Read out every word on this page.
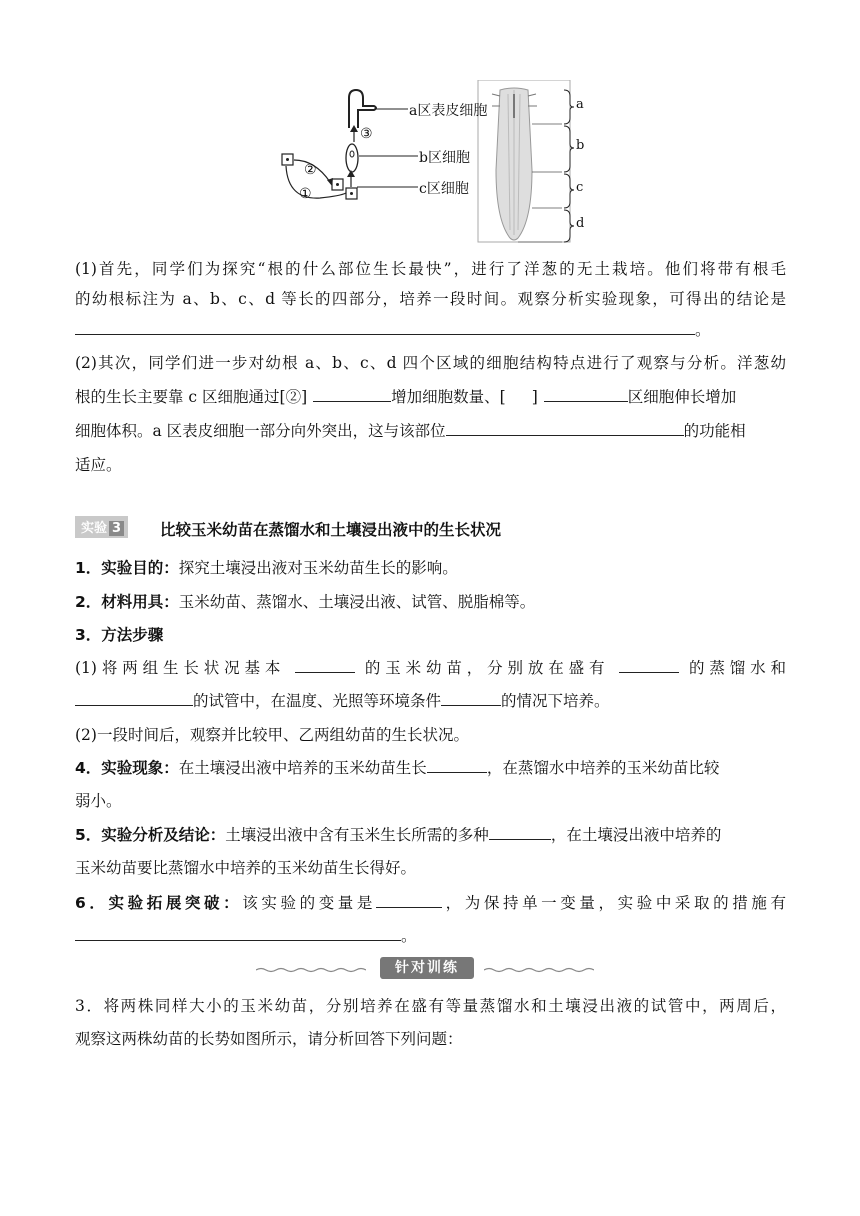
a区表皮细胞
b区细胞
c区细胞
a
b
c
d
①
②
③
(1)首先，同学们为探究“根的什么部位生长最快”，进行了洋葱的无土栽培。他们将带有根毛
的幼根标注为 a、b、c、d 等长的四部分，培养一段时间。观察分析实验现象，可得出的结论是
。
(2)其次，同学们进一步对幼根 a、b、c、d 四个区域的细胞结构特点进行了观察与分析。洋葱幼
根的生长主要靠 c 区细胞通过[②]	增加细胞数量、[ ]	区细胞伸长增加
细胞体积。a 区表皮细胞一部分向外突出，这与该部位	的功能相
适应。
实验 3	比较玉米幼苗在蒸馏水和土壤浸出液中的生长状况
1．实验目的：探究土壤浸出液对玉米幼苗生长的影响。
2．材料用具：玉米幼苗、蒸馏水、土壤浸出液、试管、脱脂棉等。
3．方法步骤
(1)将两组生长状况基本	的玉米幼苗，分别放在盛有	的蒸馏水和
的试管中，在温度、光照等环境条件	的情况下培养。
(2)一段时间后，观察并比较甲、乙两组幼苗的生长状况。
4．实验现象：在土壤浸出液中培养的玉米幼苗生长	，在蒸馏水中培养的玉米幼苗比较
弱小。
5．实验分析及结论：土壤浸出液中含有玉米生长所需的多种	，在土壤浸出液中培养的
玉米幼苗要比蒸馏水中培养的玉米幼苗生长得好。
6．实验拓展突破：该实验的变量是	，为保持单一变量，实验中采取的措施有
。
针对训练
3．将两株同样大小的玉米幼苗，分别培养在盛有等量蒸馏水和土壤浸出液的试管中，两周后，
观察这两株幼苗的长势如图所示，请分析回答下列问题：
